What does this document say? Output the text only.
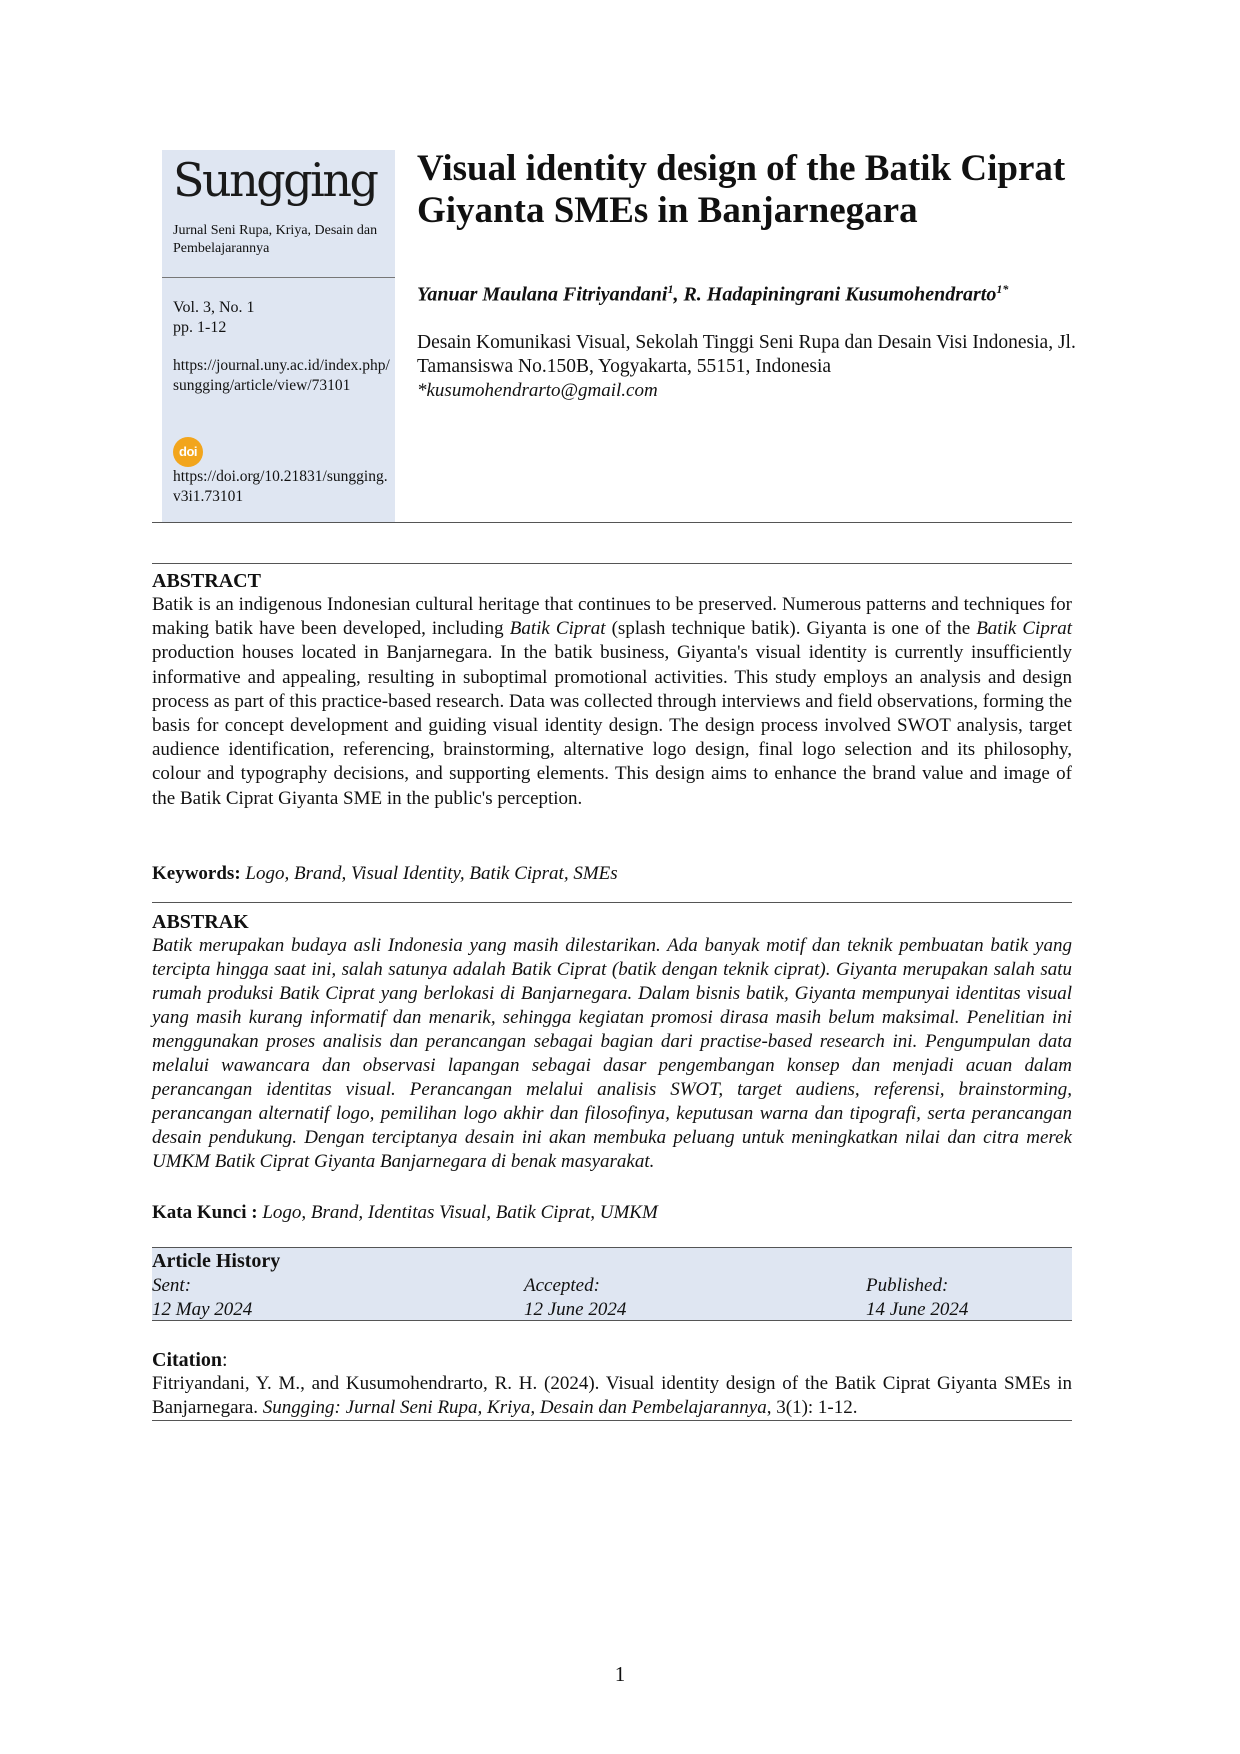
Sungging
Jurnal Seni Rupa, Kriya, Desain dan Pembelajarannya
Vol. 3, No. 1
pp. 1-12
https://journal.uny.ac.id/index.php/sungging/article/view/73101
doi
https://doi.org/10.21831/sungging.v3i1.73101
Visual identity design of the Batik Ciprat Giyanta SMEs in Banjarnegara
Yanuar Maulana Fitriyandani$^1$, R. Hadapiningrani Kusumohendrarto$^{1*}$
Desain Komunikasi Visual, Sekolah Tinggi Seni Rupa dan Desain Visi Indonesia, Jl. Tamansiswa No.150B, Yogyakarta, 55151, Indonesia
*kusumohendrarto@gmail.com
ABSTRACT
Batik is an indigenous Indonesian cultural heritage that continues to be preserved. Numerous patterns and techniques for making batik have been developed, including Batik Ciprat (splash technique batik). Giyanta is one of the Batik Ciprat production houses located in Banjarnegara. In the batik business, Giyanta's visual identity is currently insufficiently informative and appealing, resulting in suboptimal promotional activities. This study employs an analysis and design process as part of this practice-based research. Data was collected through interviews and field observations, forming the basis for concept development and guiding visual identity design. The design process involved SWOT analysis, target audience identification, referencing, brainstorming, alternative logo design, final logo selection and its philosophy, colour and typography decisions, and supporting elements. This design aims to enhance the brand value and image of the Batik Ciprat Giyanta SME in the public's perception.
Keywords: Logo, Brand, Visual Identity, Batik Ciprat, SMEs
ABSTRAK
Batik merupakan budaya asli Indonesia yang masih dilestarikan. Ada banyak motif dan teknik pembuatan batik yang tercipta hingga saat ini, salah satunya adalah Batik Ciprat (batik dengan teknik ciprat). Giyanta merupakan salah satu rumah produksi Batik Ciprat yang berlokasi di Banjarnegara. Dalam bisnis batik, Giyanta mempunyai identitas visual yang masih kurang informatif dan menarik, sehingga kegiatan promosi dirasa masih belum maksimal. Penelitian ini menggunakan proses analisis dan perancangan sebagai bagian dari practise-based research ini. Pengumpulan data melalui wawancara dan observasi lapangan sebagai dasar pengembangan konsep dan menjadi acuan dalam perancangan identitas visual. Perancangan melalui analisis SWOT, target audiens, referensi, brainstorming, perancangan alternatif logo, pemilihan logo akhir dan filosofinya, keputusan warna dan tipografi, serta perancangan desain pendukung. Dengan terciptanya desain ini akan membuka peluang untuk meningkatkan nilai dan citra merek UMKM Batik Ciprat Giyanta Banjarnegara di benak masyarakat.
Kata Kunci : Logo, Brand, Identitas Visual, Batik Ciprat, UMKM
Article History
Sent:
12 May 2024
Accepted:
12 June 2024
Published:
14 June 2024
Citation:
Fitriyandani, Y. M., and Kusumohendrarto, R. H. (2024). Visual identity design of the Batik Ciprat Giyanta SMEs in Banjarnegara. Sungging: Jurnal Seni Rupa, Kriya, Desain dan Pembelajarannya, 3(1): 1-12.
1
